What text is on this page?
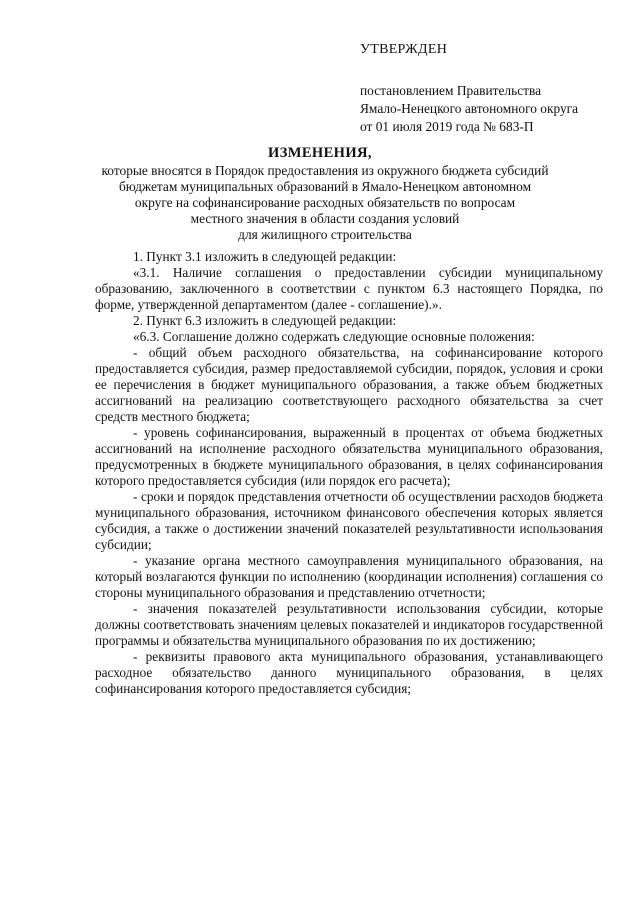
УТВЕРЖДЕН
постановлением Правительства
Ямало-Ненецкого автономного округа
от 01 июля 2019 года № 683-П
ИЗМЕНЕНИЯ,
которые вносятся в Порядок предоставления из окружного бюджета субсидий
бюджетам муниципальных образований в Ямало-Ненецком автономном
округе на софинансирование расходных обязательств по вопросам
местного значения в области создания условий
для жилищного строительства

1. Пункт 3.1 изложить в следующей редакции:

«3.1. Наличие соглашения о предоставлении субсидии муниципальному образованию, заключенного в соответствии с пунктом 6.3 настоящего Порядка, по форме, утвержденной департаментом (далее - соглашение).».

2. Пункт 6.3 изложить в следующей редакции:

«6.3. Соглашение должно содержать следующие основные положения:

- общий объем расходного обязательства, на софинансирование которого предоставляется субсидия, размер предоставляемой субсидии, порядок, условия и сроки ее перечисления в бюджет муниципального образования, а также объем бюджетных ассигнований на реализацию соответствующего расходного обязательства за счет средств местного бюджета;

- уровень софинансирования, выраженный в процентах от объема бюджетных ассигнований на исполнение расходного обязательства муниципального образования, предусмотренных в бюджете муниципального образования, в целях софинансирования которого предоставляется субсидия (или порядок его расчета);

- сроки и порядок представления отчетности об осуществлении расходов бюджета муниципального образования, источником финансового обеспечения которых является субсидия, а также о достижении значений показателей результативности использования субсидии;

- указание органа местного самоуправления муниципального образования, на который возлагаются функции по исполнению (координации исполнения) соглашения со стороны муниципального образования и представлению отчетности;

- значения показателей результативности использования субсидии, которые должны соответствовать значениям целевых показателей и индикаторов государственной программы и обязательства муниципального образования по их достижению;

- реквизиты правового акта муниципального образования, устанавливающего расходное обязательство данного муниципального образования, в целях софинансирования которого предоставляется субсидия;
